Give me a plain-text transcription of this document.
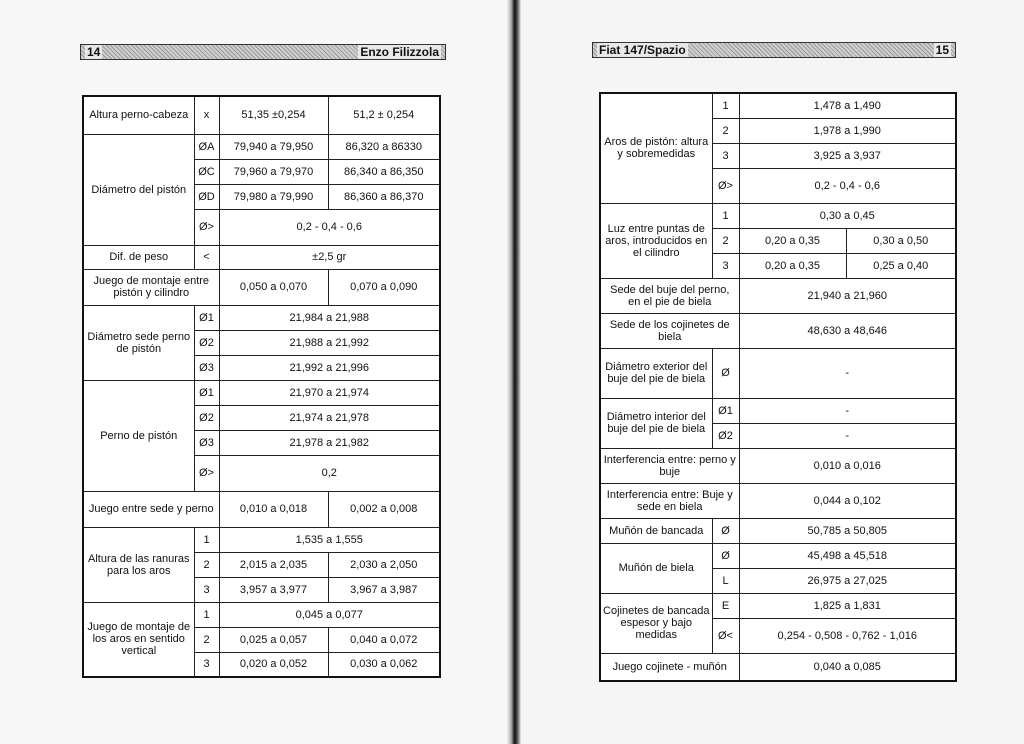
14	Enzo Filizzola	Fiat 147/Spazio	15
Altura perno-cabeza	x	51,35 ±0,254	51,2 ± 0,254
Diámetro del pistón	ØA	79,940 a 79,950	86,320 a 86330
	ØC	79,960 a 79,970	86,340 a 86,350
	ØD	79,980 a 79,990	86,360 a 86,370
	Ø>	0,2 - 0,4 - 0,6	
Dif. de peso	<	±2,5 gr	
Juego de montaje entre pistón y cilindro		0,050 a 0,070	0,070 a 0,090
Diámetro sede perno de pistón	Ø1	21,984 a 21,988	
	Ø2	21,988 a 21,992	
	Ø3	21,992 a 21,996	
Perno de pistón	Ø1	21,970 a 21,974	
	Ø2	21,974 a 21,978	
	Ø3	21,978 a 21,982	
	Ø>	0,2	
Juego entre sede y perno		0,010 a 0,018	0,002 a 0,008
Altura de las ranuras para los aros	1	1,535 a 1,555	
	2	2,015 a 2,035	2,030 a 2,050
	3	3,957 a 3,977	3,967 a 3,987
Juego de montaje de los aros en sentido vertical	1	0,045 a 0,077	
	2	0,025 a 0,057	0,040 a 0,072
	3	0,020 a 0,052	0,030 a 0,062
Aros de pistón: altura y sobremedidas	1	1,478 a 1,490	
	2	1,978 a 1,990	
	3	3,925 a 3,937	
	Ø>	0,2 - 0,4 - 0,6	
Luz entre puntas de aros, introducidos en el cilindro	1	0,30 a 0,45	
	2	0,20 a 0,35	0,30 a 0,50
	3	0,20 a 0,35	0,25 a 0,40
Sede del buje del perno, en el pie de biela		21,940 a 21,960	
Sede de los cojinetes de biela		48,630 a 48,646	
Diámetro exterior del buje del pie de biela	Ø	-	
Diámetro interior del buje del pie de biela	Ø1	-	
	Ø2	-	
Interferencia entre: perno y buje		0,010 a 0,016	
Interferencia entre: Buje y sede en biela		0,044 a 0,102	
Muñón de bancada	Ø	50,785 a 50,805	
Muñón de biela	Ø	45,498 a 45,518	
	L	26,975 a 27,025	
Cojinetes de bancada espesor y bajo medidas	E	1,825 a 1,831	
	Ø<	0,254 - 0,508 - 0,762 - 1,016	
Juego cojinete - muñón		0,040 a 0,085	
